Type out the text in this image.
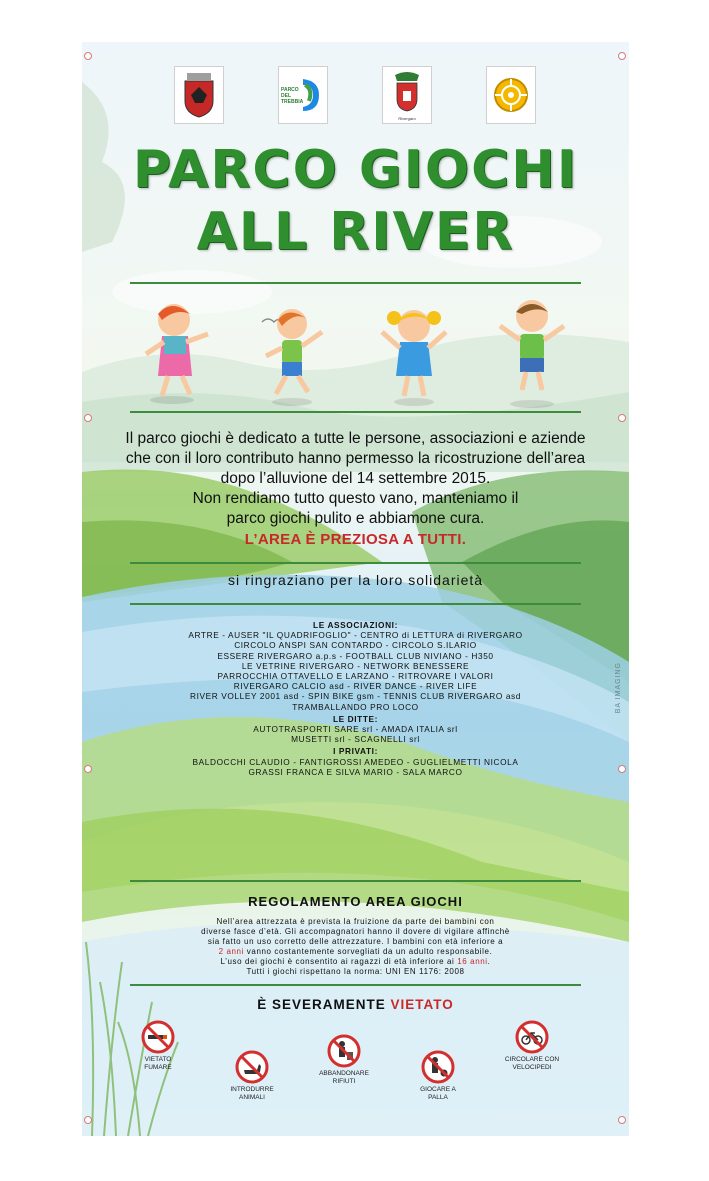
PARCO DEL TREBBIA
Rivergaro
PARCO GIOCHI
ALL RIVER
Il parco giochi è dedicato a tutte le persone, associazioni e aziende
che con il loro contributo hanno permesso la ricostruzione dell’area
dopo l’alluvione del 14 settembre 2015.
Non rendiamo tutto questo vano, manteniamo il
parco giochi pulito e abbiamone cura.
L’AREA È PREZIOSA A TUTTI.
si ringraziano per la loro solidarietà
LE ASSOCIAZIONI:
ARTRE - AUSER "IL QUADRIFOGLIO" - CENTRO di LETTURA di RIVERGARO
CIRCOLO ANSPI SAN CONTARDO - CIRCOLO S.ILARIO
ESSERE RIVERGARO a.p.s - FOOTBALL CLUB NIVIANO - H350
LE VETRINE RIVERGARO - NETWORK BENESSERE
PARROCCHIA OTTAVELLO E LARZANO - RITROVARE I VALORI
RIVERGARO CALCIO asd - RIVER DANCE - RIVER LIFE
RIVER VOLLEY 2001 asd - SPIN BIKE gsm - TENNIS CLUB RIVERGARO asd
TRAMBALLANDO PRO LOCO
LE DITTE:
AUTOTRASPORTI SARE srl - AMADA ITALIA srl
MUSETTI srl - SCAGNELLI srl
I PRIVATI:
BALDOCCHI CLAUDIO - FANTIGROSSI AMEDEO - GUGLIELMETTI NICOLA
GRASSI FRANCA E SILVA MARIO - SALA MARCO
BA IMAGING
REGOLAMENTO AREA GIOCHI
Nell’area attrezzata è prevista la fruizione da parte dei bambini con
diverse fasce d’età. Gli accompagnatori hanno il dovere di vigilare affinchè
sia fatto un uso corretto delle attrezzature. I bambini con età inferiore a
2 anni vanno costantemente sorvegliati da un adulto responsabile.
L’uso dei giochi è consentito ai ragazzi di età inferiore ai 16 anni.
Tutti i giochi rispettano la norma: UNI EN 1176: 2008
È SEVERAMENTE VIETATO
VIETATO
FUMARE
INTRODURRE
ANIMALI
ABBANDONARE
RIFIUTI
GIOCARE A
PALLA
CIRCOLARE CON
VELOCIPEDI
